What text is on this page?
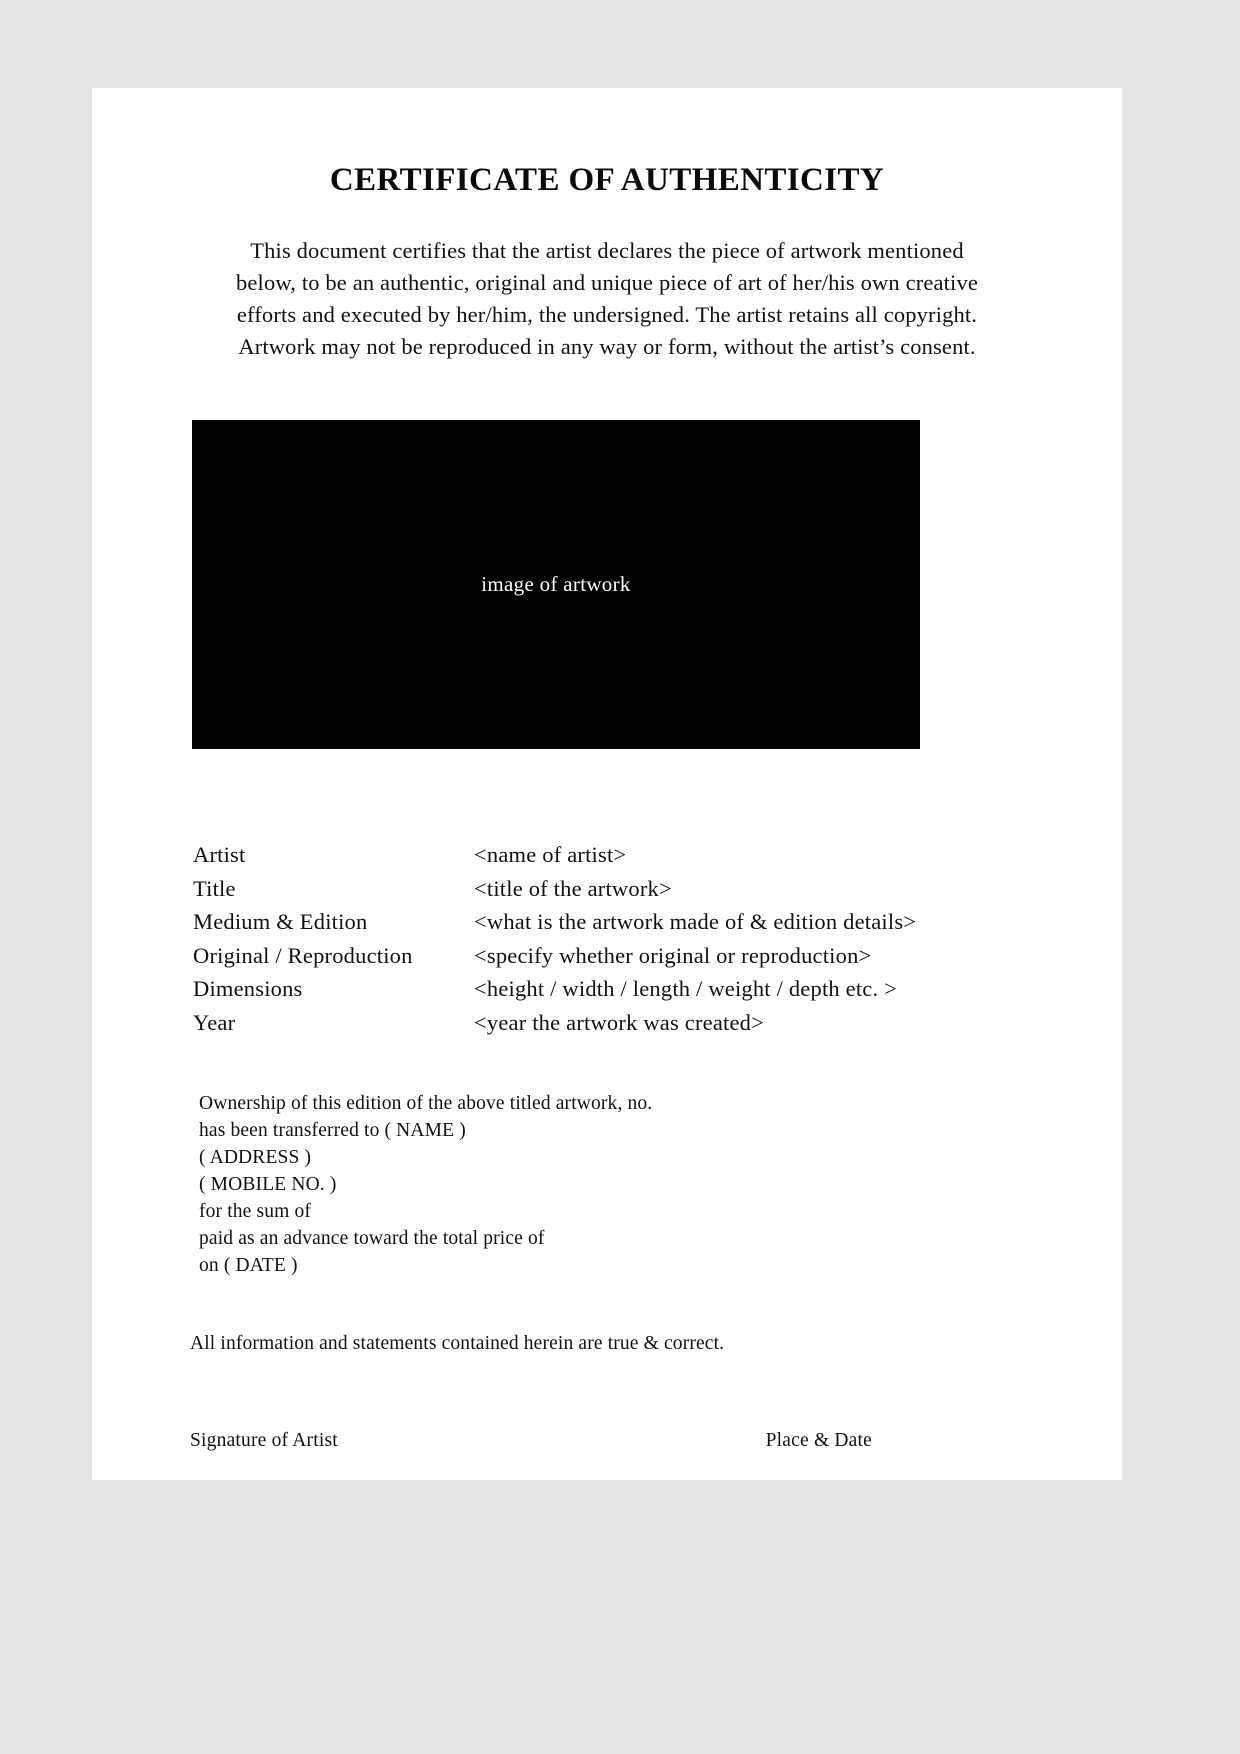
CERTIFICATE OF AUTHENTICITY
This document certifies that the artist declares the piece of artwork mentioned
below, to be an authentic, original and unique piece of art of her/his own creative
efforts and executed by her/him, the undersigned. The artist retains all copyright.
Artwork may not be reproduced in any way or form, without the artist’s consent.
image of artwork
Artist	<name of artist>
Title	<title of the artwork>
Medium & Edition	<what is the artwork made of & edition details>
Original / Reproduction	<specify whether original or reproduction>
Dimensions	<height / width / length / weight / depth etc. >
Year	<year the artwork was created>
Ownership of this edition of the above titled artwork, no.
has been transferred to ( NAME )
( ADDRESS )
( MOBILE NO. )
for the sum of
paid as an advance toward the total price of
on ( DATE )
All information and statements contained herein are true & correct.
Signature of Artist	Place & Date
